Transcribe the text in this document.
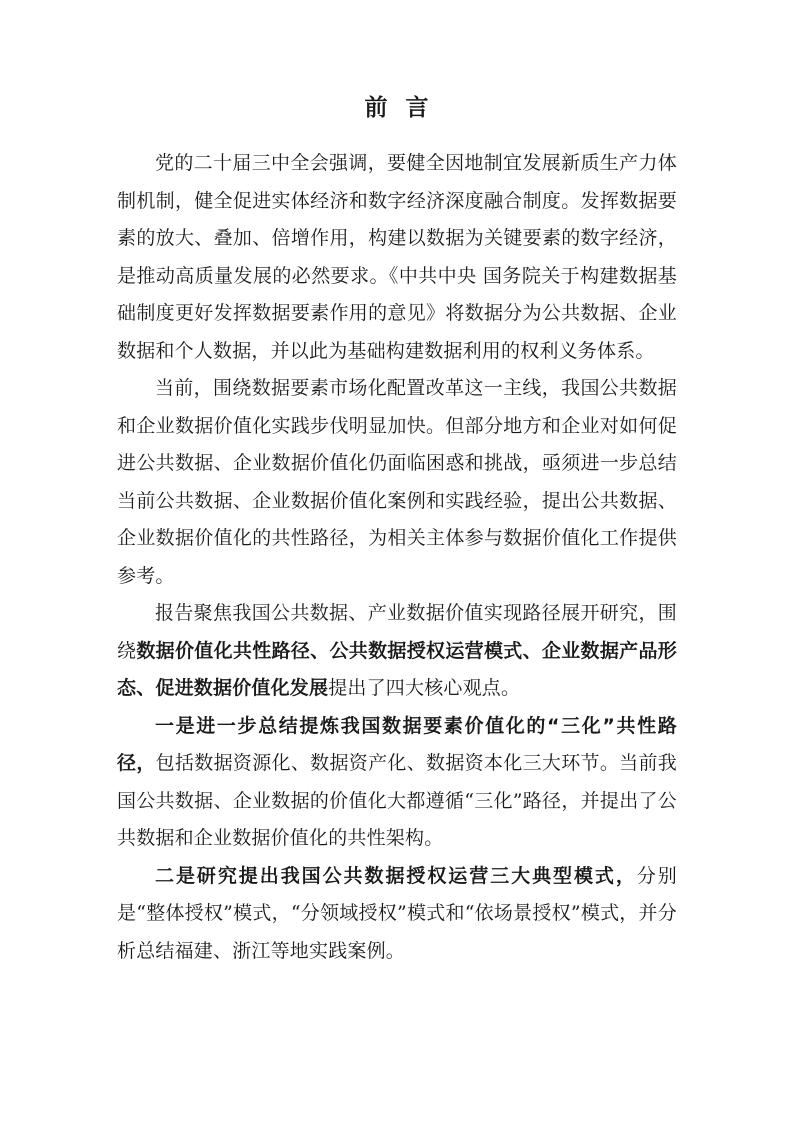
前言

党的二十届三中全会强调，要健全因地制宜发展新质生产力体制机制，健全促进实体经济和数字经济深度融合制度。发挥数据要素的放大、叠加、倍增作用，构建以数据为关键要素的数字经济，是推动高质量发展的必然要求。《中共中央 国务院关于构建数据基础制度更好发挥数据要素作用的意见》将数据分为公共数据、企业数据和个人数据，并以此为基础构建数据利用的权利义务体系。

当前，围绕数据要素市场化配置改革这一主线，我国公共数据和企业数据价值化实践步伐明显加快。但部分地方和企业对如何促进公共数据、企业数据价值化仍面临困惑和挑战，亟须进一步总结当前公共数据、企业数据价值化案例和实践经验，提出公共数据、企业数据价值化的共性路径，为相关主体参与数据价值化工作提供参考。

报告聚焦我国公共数据、产业数据价值实现路径展开研究，围绕数据价值化共性路径、公共数据授权运营模式、企业数据产品形态、促进数据价值化发展提出了四大核心观点。

一是进一步总结提炼我国数据要素价值化的“三化”共性路径，包括数据资源化、数据资产化、数据资本化三大环节。当前我国公共数据、企业数据的价值化大都遵循“三化”路径，并提出了公共数据和企业数据价值化的共性架构。

二是研究提出我国公共数据授权运营三大典型模式，分别是“整体授权”模式，“分领域授权”模式和“依场景授权”模式，并分析总结福建、浙江等地实践案例。
